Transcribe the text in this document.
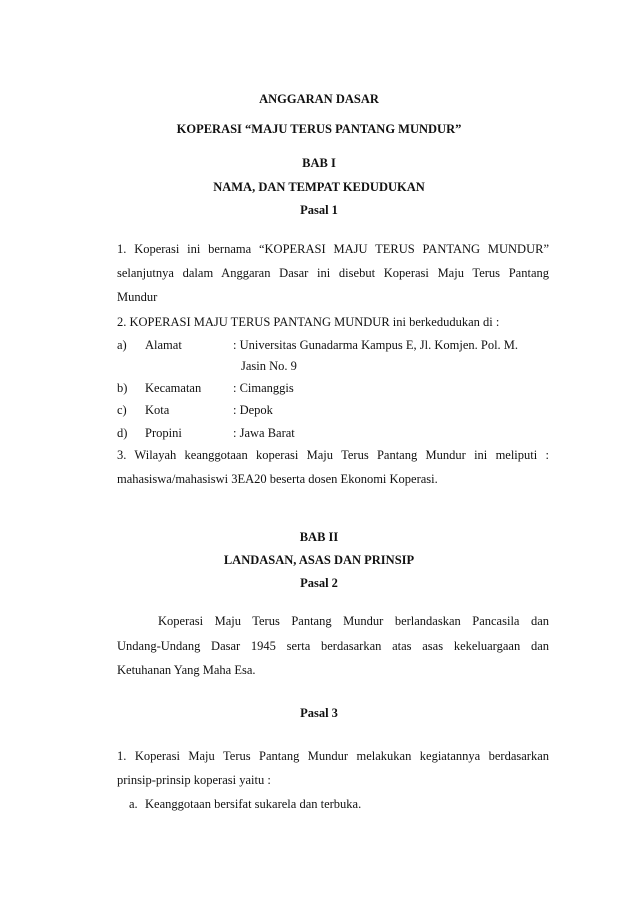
ANGGARAN DASAR
KOPERASI “MAJU TERUS PANTANG MUNDUR”
BAB I
NAMA, DAN TEMPAT KEDUDUKAN
Pasal 1
1. Koperasi ini bernama “KOPERASI MAJU TERUS PANTANG MUNDUR”
selanjutnya dalam Anggaran Dasar ini disebut Koperasi Maju Terus Pantang
Mundur
2. KOPERASI MAJU TERUS PANTANG MUNDUR ini berkedudukan di :
a) Alamat	: Universitas Gunadarma Kampus E, Jl. Komjen. Pol. M.
Jasin No. 9
b) Kecamatan	: Cimanggis
c) Kota	: Depok
d) Propini	: Jawa Barat
3. Wilayah keanggotaan koperasi Maju Terus Pantang Mundur ini meliputi :
mahasiswa/mahasiswi 3EA20 beserta dosen Ekonomi Koperasi.
BAB II
LANDASAN, ASAS DAN PRINSIP
Pasal 2
Koperasi Maju Terus Pantang Mundur berlandaskan Pancasila dan
Undang-Undang Dasar 1945 serta berdasarkan atas asas kekeluargaan dan
Ketuhanan Yang Maha Esa.
Pasal 3
1. Koperasi Maju Terus Pantang Mundur melakukan kegiatannya berdasarkan
prinsip-prinsip koperasi yaitu :
a. Keanggotaan bersifat sukarela dan terbuka.
